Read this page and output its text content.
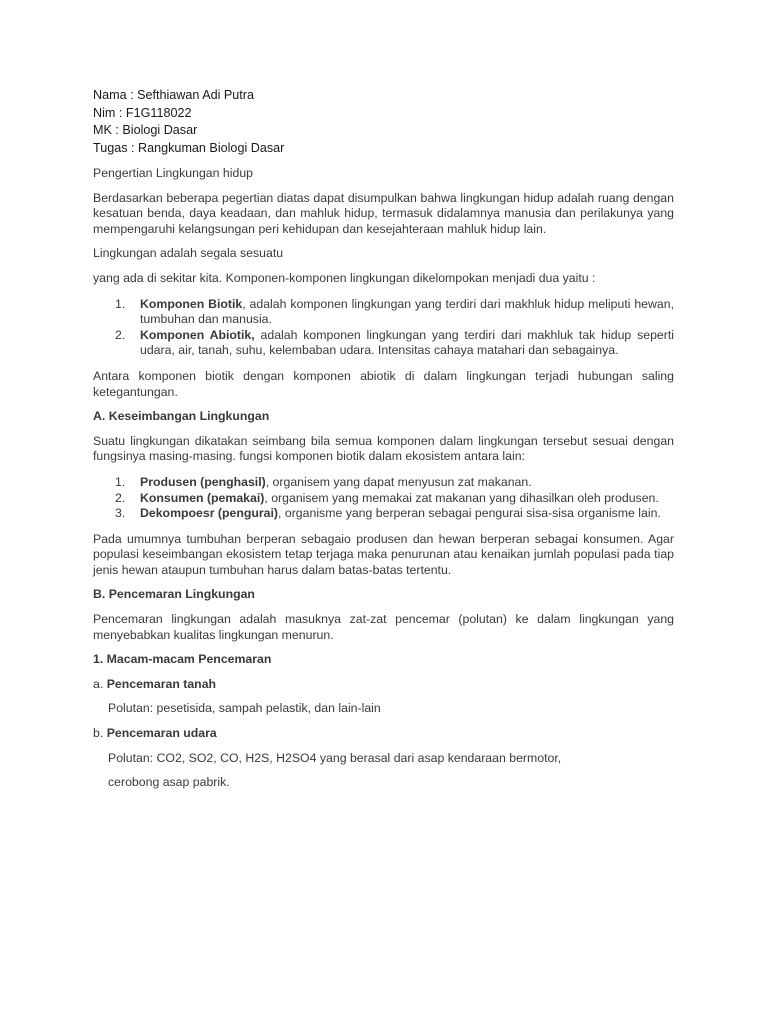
Nama : Sefthiawan Adi Putra
Nim : F1G118022
MK : Biologi Dasar
Tugas : Rangkuman Biologi Dasar

Pengertian Lingkungan hidup

Berdasarkan beberapa pegertian diatas dapat disumpulkan bahwa lingkungan hidup adalah ruang dengan kesatuan benda, daya keadaan, dan mahluk hidup, termasuk didalamnya manusia dan perilakunya yang mempengaruhi kelangsungan peri kehidupan dan kesejahteraan mahluk hidup lain.

Lingkungan adalah segala sesuatu

yang ada di sekitar kita. Komponen-komponen lingkungan dikelompokan menjadi dua yaitu :

1. Komponen Biotik, adalah komponen lingkungan yang terdiri dari makhluk hidup meliputi hewan, tumbuhan dan manusia.
2. Komponen Abiotik, adalah komponen lingkungan yang terdiri dari makhluk tak hidup seperti udara, air, tanah, suhu, kelembaban udara. Intensitas cahaya matahari dan sebagainya.

Antara komponen biotik dengan komponen abiotik di dalam lingkungan terjadi hubungan saling ketegantungan.

A. Keseimbangan Lingkungan

Suatu lingkungan dikatakan seimbang bila semua komponen dalam lingkungan tersebut sesuai dengan fungsinya masing-masing. fungsi komponen biotik dalam ekosistem antara lain:

1. Produsen (penghasil), organisem yang dapat menyusun zat makanan.
2. Konsumen (pemakai), organisem yang memakai zat makanan yang dihasilkan oleh produsen.
3. Dekompoesr (pengurai), organisme yang berperan sebagai pengurai sisa-sisa organisme lain.

Pada umumnya tumbuhan berperan sebagaio produsen dan hewan berperan sebagai konsumen. Agar populasi keseimbangan ekosistem tetap terjaga maka penurunan atau kenaikan jumlah populasi pada tiap jenis hewan ataupun tumbuhan harus dalam batas-batas tertentu.

B. Pencemaran Lingkungan

Pencemaran lingkungan adalah masuknya zat-zat pencemar (polutan) ke dalam lingkungan yang menyebabkan kualitas lingkungan menurun.

1. Macam-macam Pencemaran

a. Pencemaran tanah

Polutan: pesetisida, sampah pelastik, dan lain-lain

b. Pencemaran udara

Polutan: CO2, SO2, CO, H2S, H2SO4 yang berasal dari asap kendaraan bermotor,

cerobong asap pabrik.
